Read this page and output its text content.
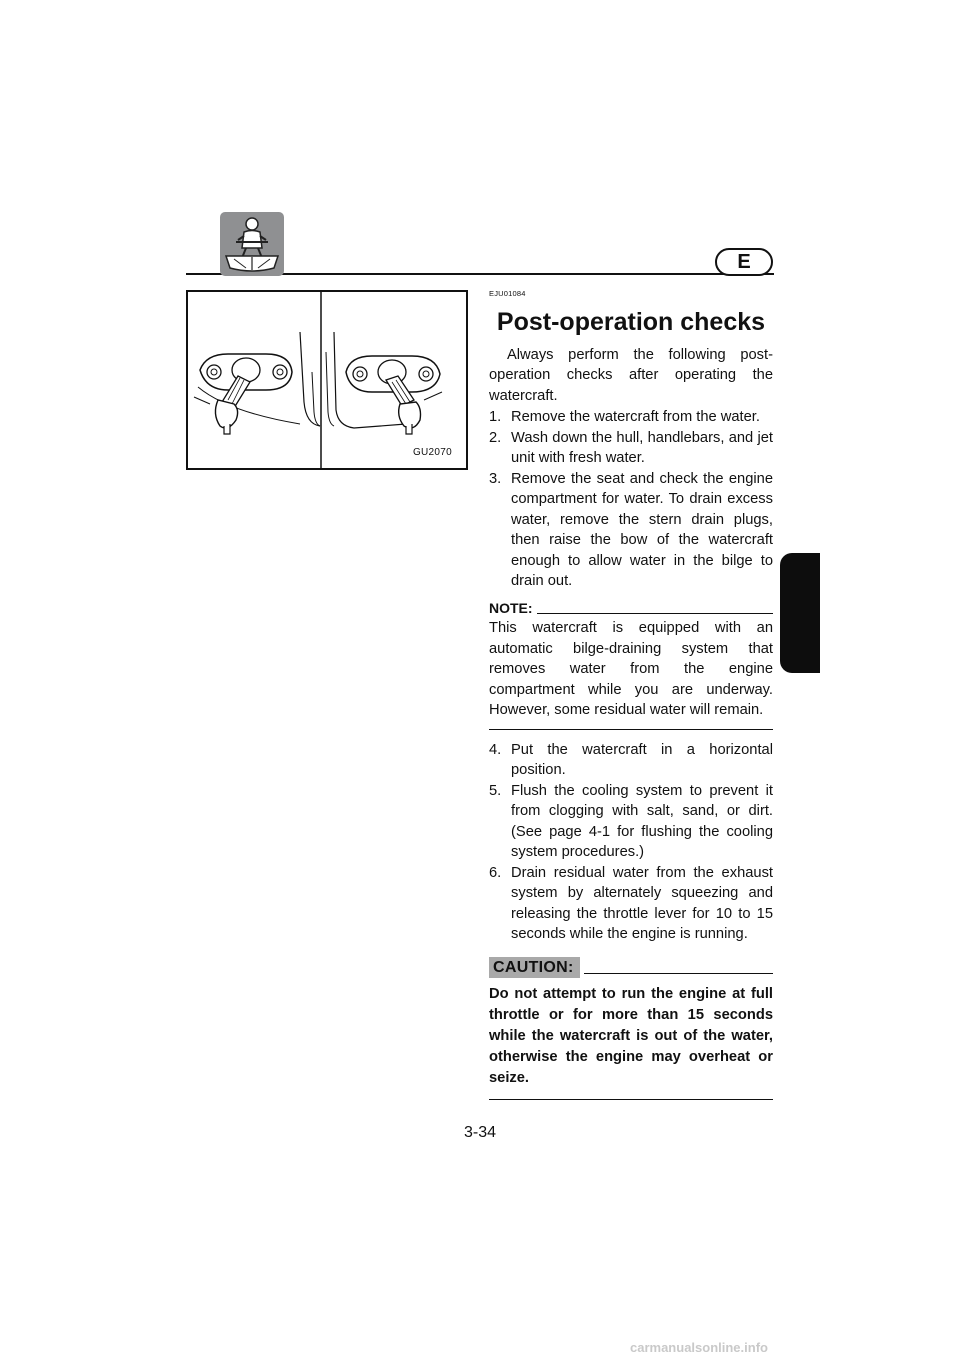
E
GU2070
EJU01084
Post-operation checks

Always perform the following post-operation checks after operating the watercraft.

1. Remove the watercraft from the water.

2. Wash down the hull, handlebars, and jet unit with fresh water.

3. Remove the seat and check the engine compartment for water. To drain excess water, remove the stern drain plugs, then raise the bow of the watercraft enough to allow water in the bilge to drain out.

NOTE:

This watercraft is equipped with an automatic bilge-draining system that removes water from the engine compartment while you are underway. However, some residual water will remain.

4. Put the watercraft in a horizontal position.

5. Flush the cooling system to prevent it from clogging with salt, sand, or dirt. (See page 4-1 for flushing the cooling system procedures.)

6. Drain residual water from the exhaust system by alternately squeezing and releasing the throttle lever for 10 to 15 seconds while the engine is running.

CAUTION:

Do not attempt to run the engine at full throttle or for more than 15 seconds while the watercraft is out of the water, otherwise the engine may overheat or seize.

3-34
carmanualsonline.info
